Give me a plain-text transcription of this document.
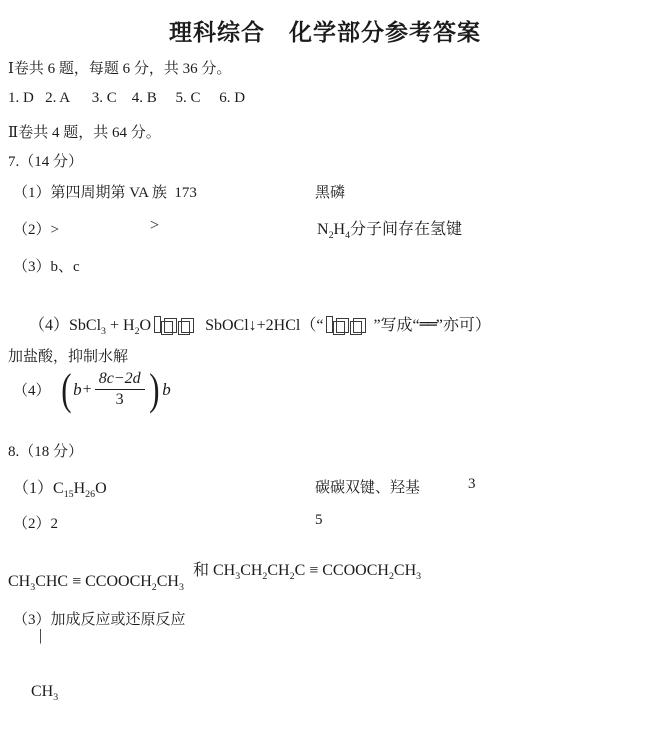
理科综合　化学部分参考答案
Ⅰ卷共 6 题，每题 6 分，共 36 分。
1. D   2. A      3. C    4. B     5. C     6. D
Ⅱ卷共 4 题，共 64 分。
7.（14 分）
（1）第四周期第 VA 族  173	黑磷
（2）>	>	$N_2H_4$分子间存在氢键
（3）b、c

（4）SbCl$_3$ + $H_2O$	SbOCl↓+2HCl（“	”写成“══”亦可）

加盐酸，抑制水解
（4） ( $b + \frac{8c-2d}{3}$ ) b
8.（18 分）
$(1)C_{15}H_{26}O$	碳碳双键、羟基	3
（2）2	5

$CH_3CHC$ ≡ $CCOOCH_2CH_3$

|

$CH_3$

和 $CH_3CH_2CH_2C$ ≡ $CCOOCH_2CH_3$
（3）加成反应或还原反应
